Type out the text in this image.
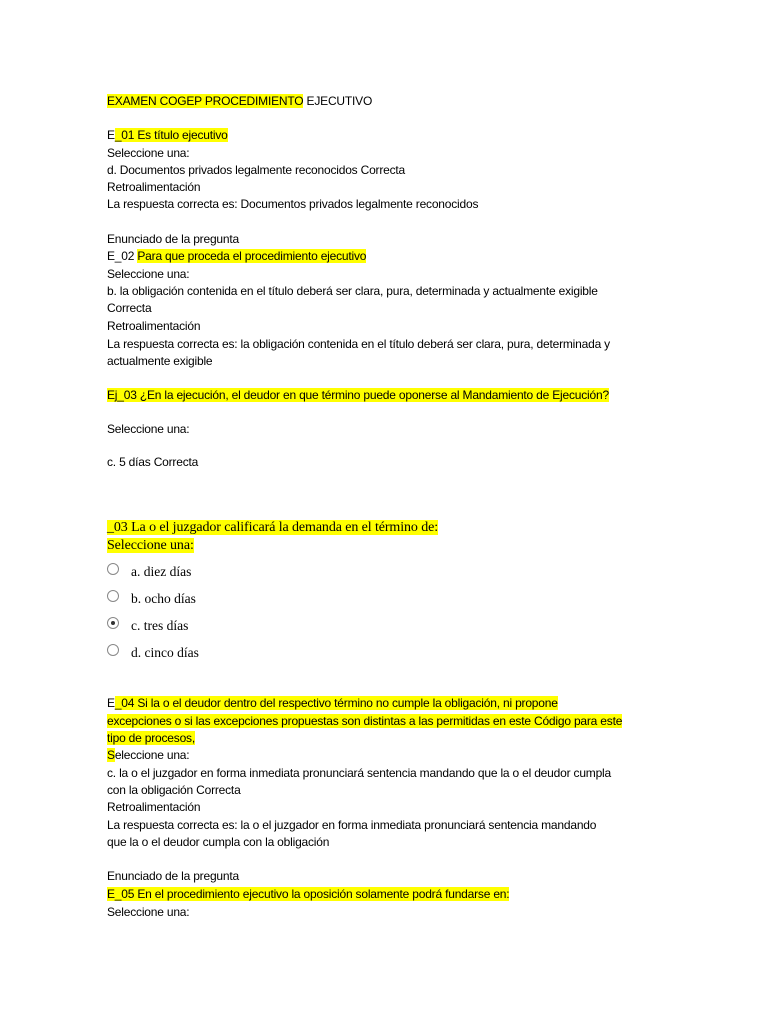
EXAMEN COGEP PROCEDIMIENTO EJECUTIVO

E_01 Es título ejecutivo

Seleccione una:

d. Documentos privados legalmente reconocidos Correcta

Retroalimentación

La respuesta correcta es: Documentos privados legalmente reconocidos

Enunciado de la pregunta

E_02 Para que proceda el procedimiento ejecutivo

Seleccione una:

b. la obligación contenida en el título deberá ser clara, pura, determinada y actualmente exigible

Correcta

Retroalimentación

La respuesta correcta es: la obligación contenida en el título deberá ser clara, pura, determinada y

actualmente exigible

Ej_03 ¿En la ejecución, el deudor en que término puede oponerse al Mandamiento de Ejecución?

Seleccione una:

c. 5 días Correcta

_03 La o el juzgador calificará la demanda en el término de:

Seleccione una:

a. diez días
b. ocho días
c. tres días
d. cinco días

E_04 Si la o el deudor dentro del respectivo término no cumple la obligación, ni propone

excepciones o si las excepciones propuestas son distintas a las permitidas en este Código para este

tipo de procesos,

Seleccione una:

c. la o el juzgador en forma inmediata pronunciará sentencia mandando que la o el deudor cumpla

con la obligación Correcta

Retroalimentación

La respuesta correcta es: la o el juzgador en forma inmediata pronunciará sentencia mandando

que la o el deudor cumpla con la obligación

Enunciado de la pregunta

E_05 En el procedimiento ejecutivo la oposición solamente podrá fundarse en:

Seleccione una:
